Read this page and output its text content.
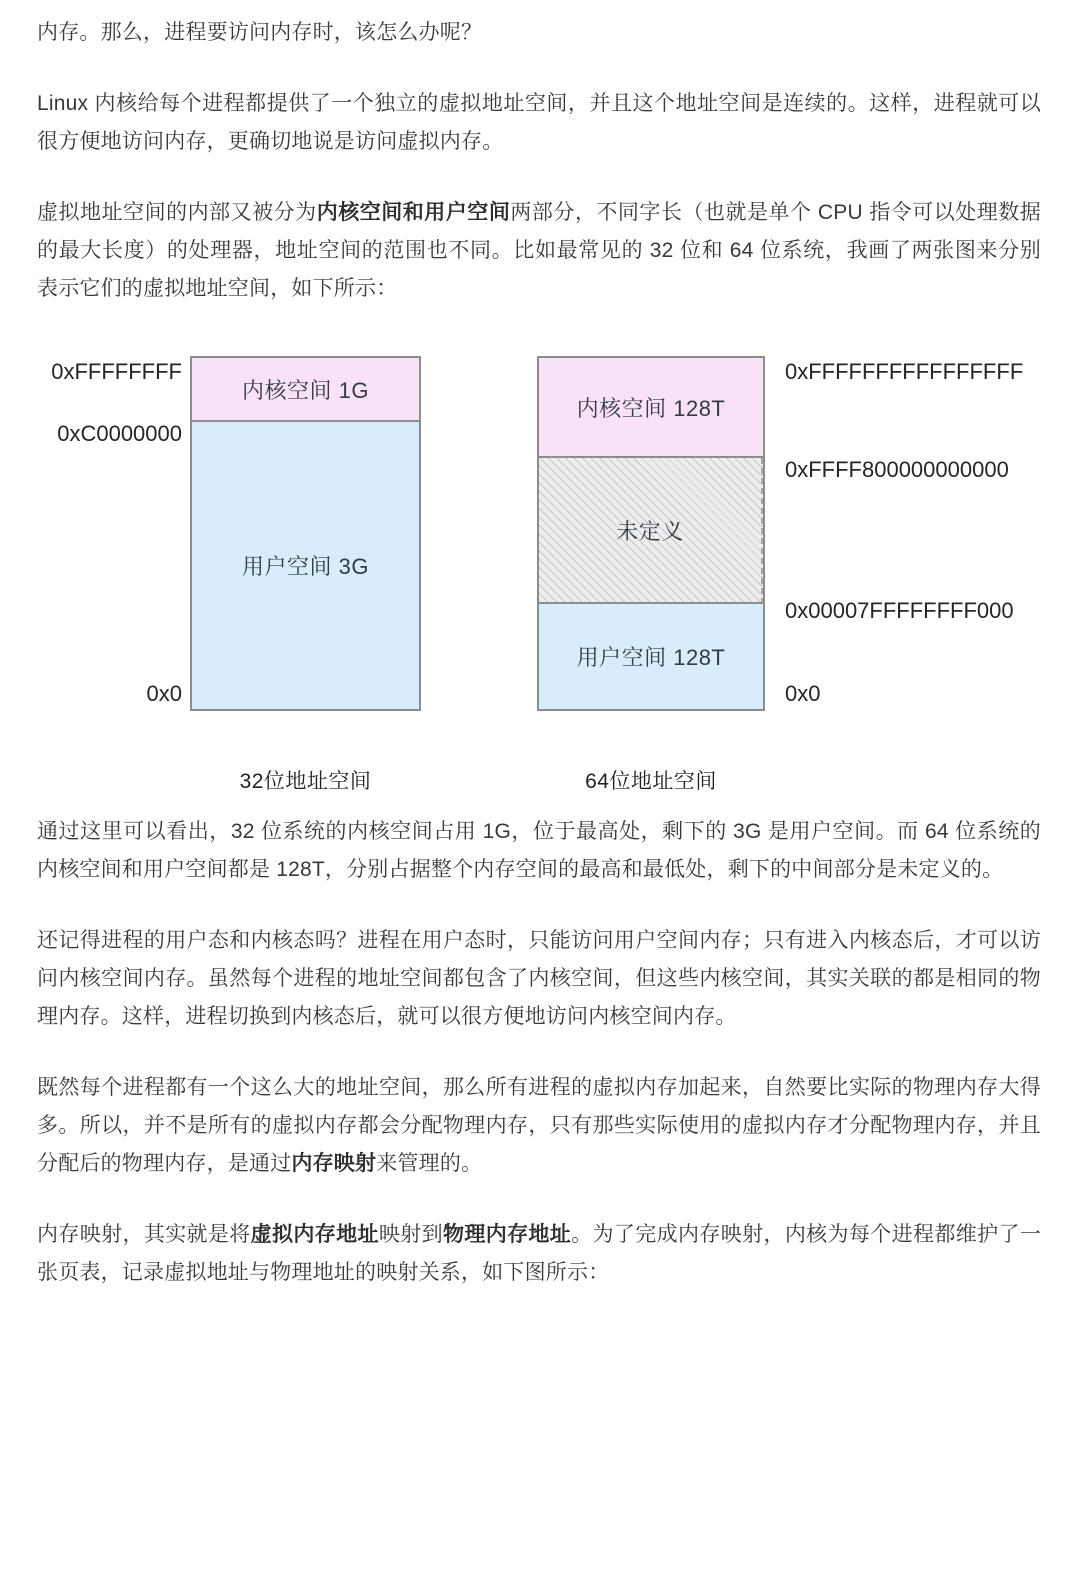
内存。那么，进程要访问内存时，该怎么办呢？

Linux 内核给每个进程都提供了一个独立的虚拟地址空间，并且这个地址空间是连续的。这样，进程就可以很方便地访问内存，更确切地说是访问虚拟内存。

虚拟地址空间的内部又被分为内核空间和用户空间两部分，不同字长（也就是单个 CPU 指令可以处理数据的最大长度）的处理器，地址空间的范围也不同。比如最常见的 32 位和 64 位系统，我画了两张图来分别表示它们的虚拟地址空间，如下所示：

0xFFFFFFFF
0xC0000000
0x0
内核空间 1G
用户空间 3G
内核空间 128T
未定义
用户空间 128T
0xFFFFFFFFFFFFFFFF
0xFFFF800000000000
0x00007FFFFFFFF000
0x0
32位地址空间	64位地址空间

通过这里可以看出，32 位系统的内核空间占用 1G，位于最高处，剩下的 3G 是用户空间。而 64 位系统的内核空间和用户空间都是 128T，分别占据整个内存空间的最高和最低处，剩下的中间部分是未定义的。

还记得进程的用户态和内核态吗？进程在用户态时，只能访问用户空间内存；只有进入内核态后，才可以访问内核空间内存。虽然每个进程的地址空间都包含了内核空间，但这些内核空间，其实关联的都是相同的物理内存。这样，进程切换到内核态后，就可以很方便地访问内核空间内存。

既然每个进程都有一个这么大的地址空间，那么所有进程的虚拟内存加起来，自然要比实际的物理内存大得多。所以，并不是所有的虚拟内存都会分配物理内存，只有那些实际使用的虚拟内存才分配物理内存，并且分配后的物理内存，是通过内存映射来管理的。

内存映射，其实就是将虚拟内存地址映射到物理内存地址。为了完成内存映射，内核为每个进程都维护了一张页表，记录虚拟地址与物理地址的映射关系，如下图所示：
